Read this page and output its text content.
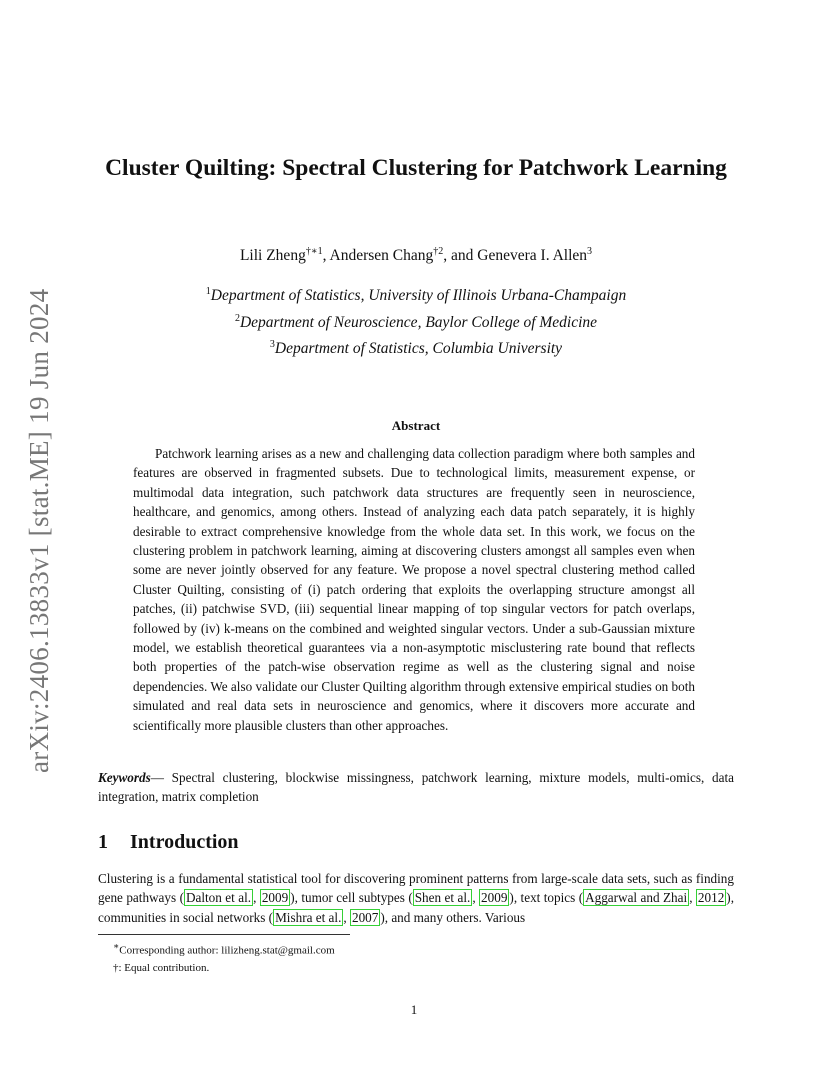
arXiv:2406.13833v1 [stat.ME] 19 Jun 2024
Cluster Quilting: Spectral Clustering for Patchwork Learning
Lili Zheng$^{\dagger∗1}$, Andersen Chang$^{\dagger 2}$, and Genevera I. Allen$^3$
$^1$Department of Statistics, University of Illinois Urbana-Champaign
$^2$Department of Neuroscience, Baylor College of Medicine
$^3$Department of Statistics, Columbia University
Abstract

Patchwork learning arises as a new and challenging data collection paradigm where both samples and features are observed in fragmented subsets. Due to technological limits, measurement expense, or multimodal data integration, such patchwork data structures are frequently seen in neuroscience, healthcare, and genomics, among others. Instead of analyzing each data patch separately, it is highly desirable to extract comprehensive knowledge from the whole data set. In this work, we focus on the clustering problem in patchwork learning, aiming at discovering clusters amongst all samples even when some are never jointly observed for any feature. We propose a novel spectral clustering method called Cluster Quilting, consisting of (i) patch ordering that exploits the overlapping structure amongst all patches, (ii) patchwise SVD, (iii) sequential linear mapping of top singular vectors for patch overlaps, followed by (iv) k-means on the combined and weighted singular vectors. Under a sub-Gaussian mixture model, we establish theoretical guarantees via a non-asymptotic misclustering rate bound that reflects both properties of the patch-wise observation regime as well as the clustering signal and noise dependencies. We also validate our Cluster Quilting algorithm through extensive empirical studies on both simulated and real data sets in neuroscience and genomics, where it discovers more accurate and scientifically more plausible clusters than other approaches.

Keywords— Spectral clustering, blockwise missingness, patchwork learning, mixture models, multi-omics, data integration, matrix completion

1 Introduction

Clustering is a fundamental statistical tool for discovering prominent patterns from large-scale data sets, such as finding gene pathways ( Dalton et al. , 2009 ), tumor cell subtypes ( Shen et al. , 2009 ), text topics ( Aggarwal and Zhai , 2012 ), communities in social networks ( Mishra et al. , 2007 ), and many others. Various

∗Corresponding author: lilizheng.stat@gmail.com
†: Equal contribution.
1
